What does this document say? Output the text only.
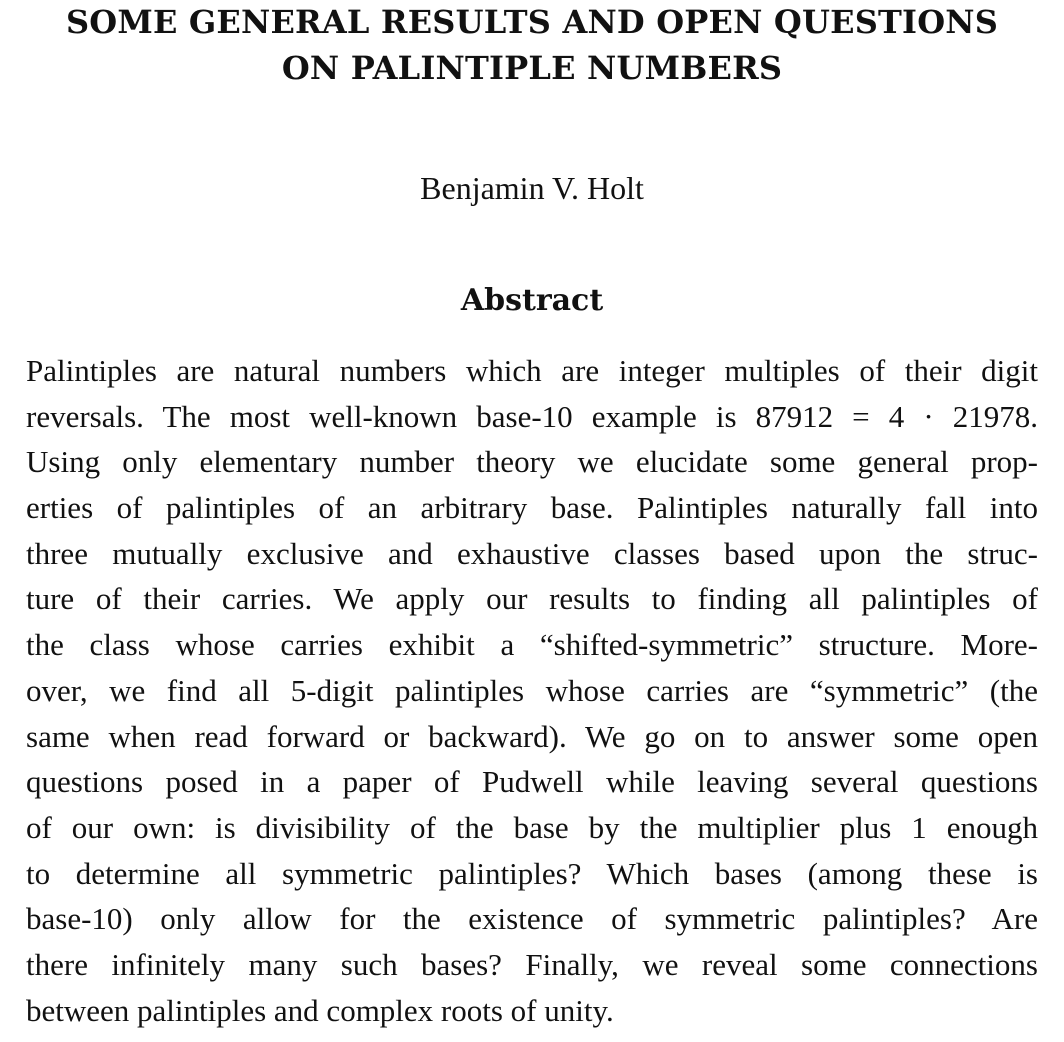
SOME GENERAL RESULTS AND OPEN QUESTIONS
ON PALINTIPLE NUMBERS
Benjamin V. Holt
Abstract
Palintiples are natural numbers which are integer multiples of their digit
reversals. The most well-known base-10 example is 87912 = 4 · 21978.
Using only elementary number theory we elucidate some general prop-
erties of palintiples of an arbitrary base. Palintiples naturally fall into
three mutually exclusive and exhaustive classes based upon the struc-
ture of their carries. We apply our results to finding all palintiples of
the class whose carries exhibit a “shifted-symmetric” structure. More-
over, we find all 5-digit palintiples whose carries are “symmetric” (the
same when read forward or backward). We go on to answer some open
questions posed in a paper of Pudwell while leaving several questions
of our own: is divisibility of the base by the multiplier plus 1 enough
to determine all symmetric palintiples? Which bases (among these is
base-10) only allow for the existence of symmetric palintiples? Are
there infinitely many such bases? Finally, we reveal some connections
between palintiples and complex roots of unity.
